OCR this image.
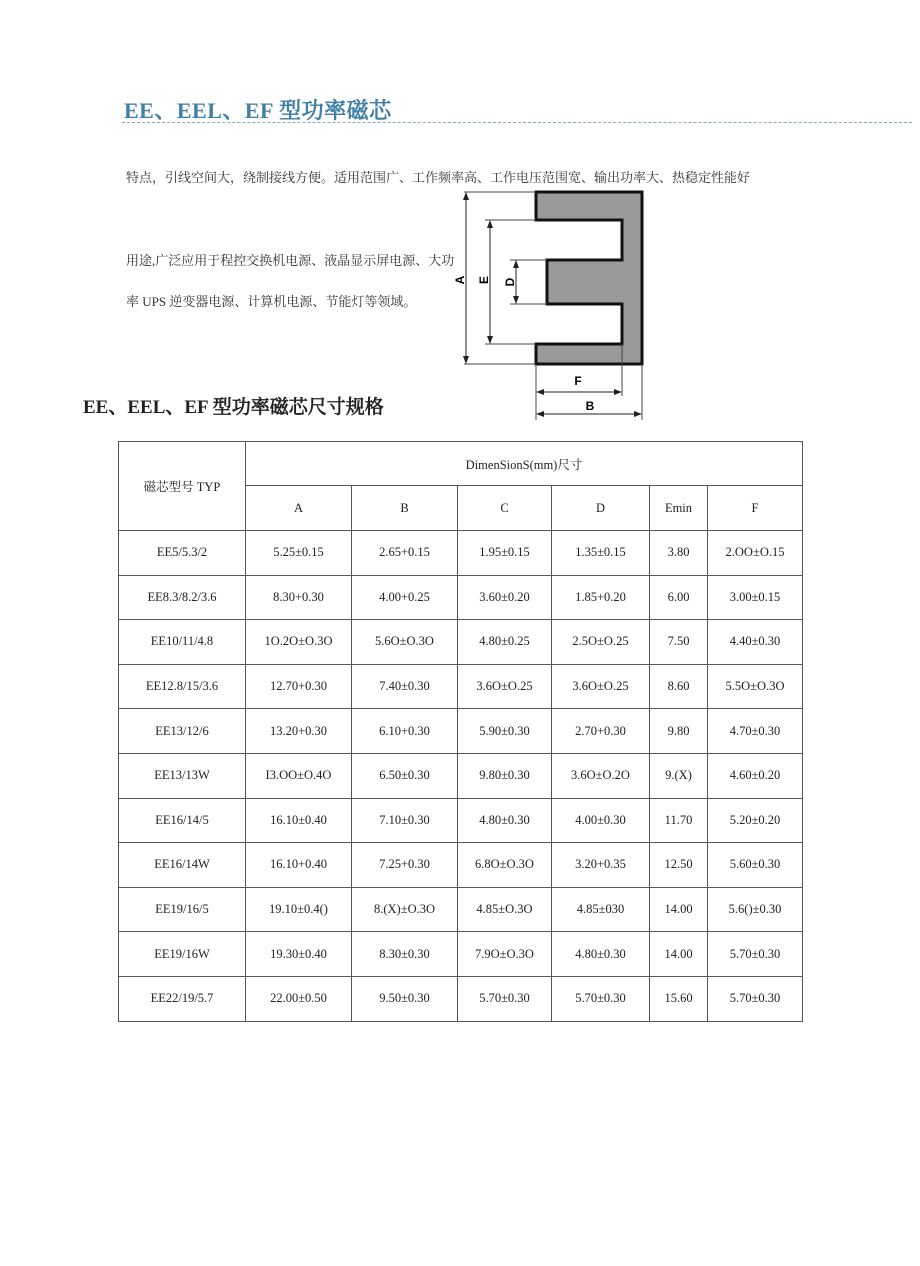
EE、EEL、EF 型功率磁芯
特点，引线空间大，绕制接线方便。适用范围广、工作频率高、工作电压范围宽、输出功率大、热稳定性能好
用途,广泛应用于程控交换机电源、液晶显示屏电源、大功
率 UPS 逆变器电源、计算机电源、节能灯等领域。
A E D
F
B
EE、EEL、EF 型功率磁芯尺寸规格
磁芯型号 TYP	DimenSionS(mm)尺寸					
	A	B	C	D	Emin	F
EE5/5.3/2	5.25±0.15	2.65+0.15	1.95±0.15	1.35±0.15	3.80	2.OO±O.15
EE8.3/8.2/3.6	8.30+0.30	4.00+0.25	3.60±0.20	1.85+0.20	6.00	3.00±0.15
EE10/11/4.8	1O.2O±O.3O	5.6O±O.3O	4.80±0.25	2.5O±O.25	7.50	4.40±0.30
EE12.8/15/3.6	12.70+0.30	7.40±0.30	3.6O±O.25	3.6O±O.25	8.60	5.5O±O.3O
EE13/12/6	13.20+0.30	6.10+0.30	5.90±0.30	2.70+0.30	9.80	4.70±0.30
EE13/13W	I3.OO±O.4O	6.50±0.30	9.80±0.30	3.6O±O.2O	9.(X)	4.60±0.20
EE16/14/5	16.10±0.40	7.10±0.30	4.80±0.30	4.00±0.30	11.70	5.20±0.20
EE16/14W	16.10+0.40	7.25+0.30	6.8O±O.3O	3.20+0.35	12.50	5.60±0.30
EE19/16/5	19.10±0.4()	8.(X)±O.3O	4.85±O.3O	4.85±030	14.00	5.6()±0.30
EE19/16W	19.30±0.40	8.30±0.30	7.9O±O.3O	4.80±0.30	14.00	5.70±0.30
EE22/19/5.7	22.00±0.50	9.50±0.30	5.70±0.30	5.70±0.30	15.60	5.70±0.30
